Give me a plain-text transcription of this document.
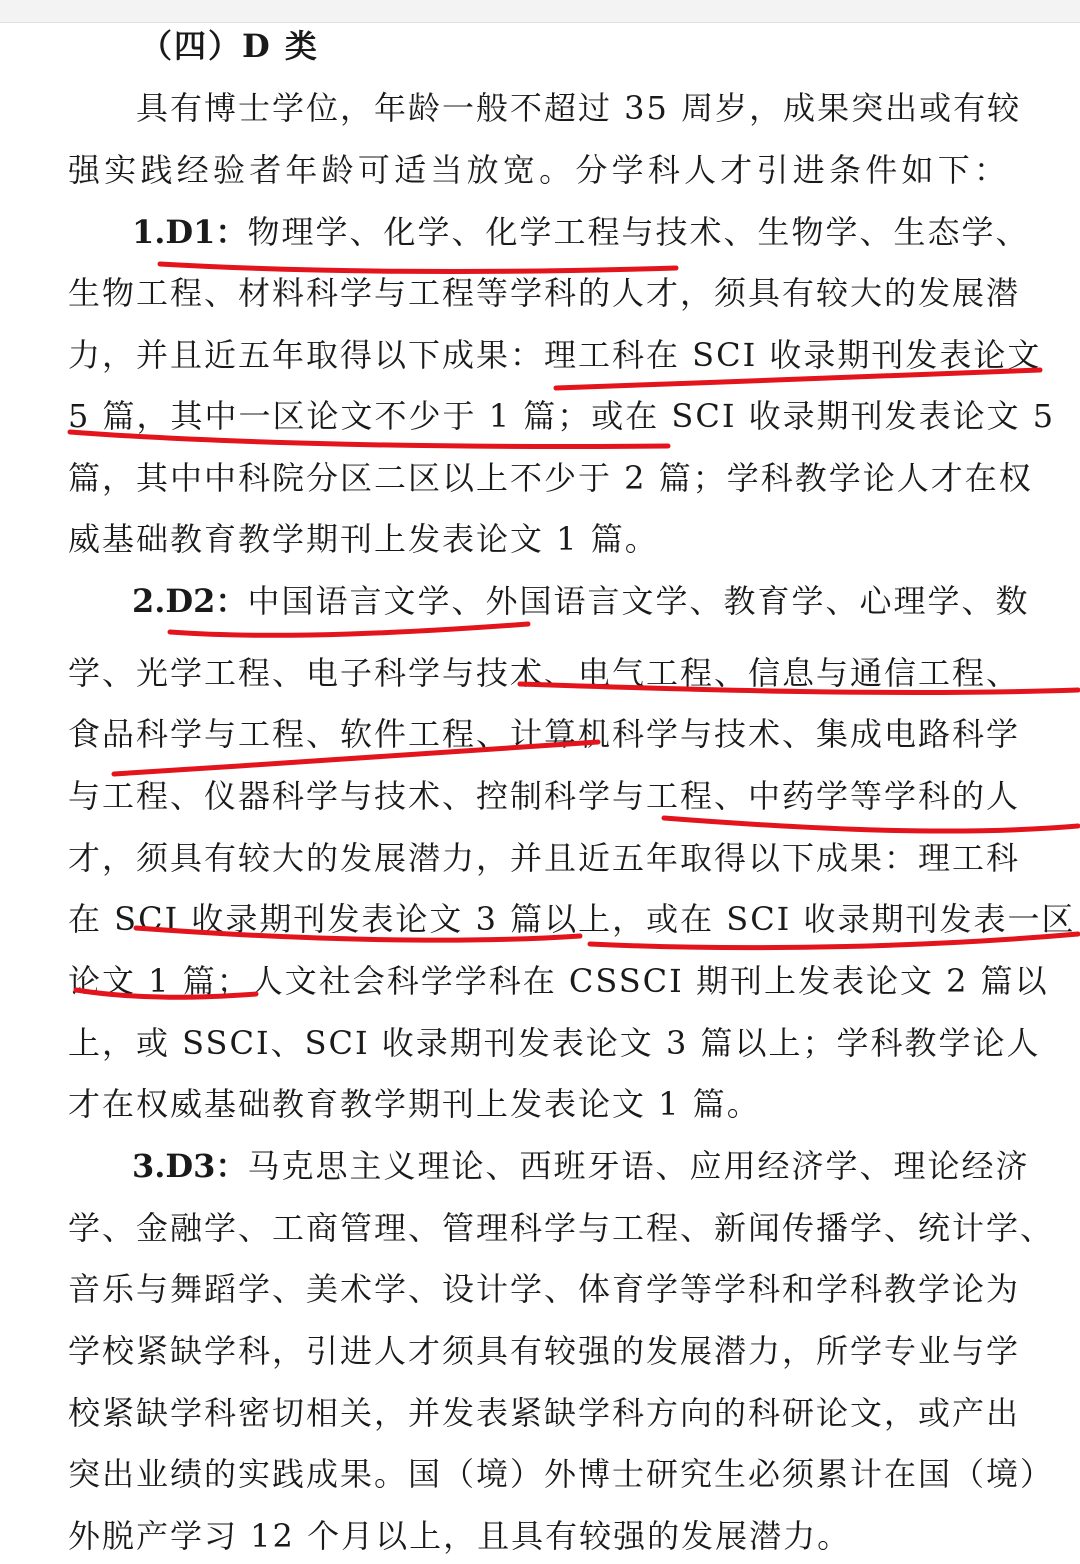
（四）D 类
具有博士学位，年龄一般不超过 35 周岁，成果突出或有较
强实践经验者年龄可适当放宽。分学科人才引进条件如下：
1.D1： 物理学、化学、化学工程与技术、生物学、生态学、
生物工程、材料科学与工程等学科的人才，须具有较大的发展潜
力，并且近五年取得以下成果：理工科在 SCI 收录期刊发表论文
5 篇，其中一区论文不少于 1 篇；或在 SCI 收录期刊发表论文 5
篇，其中中科院分区二区以上不少于 2 篇；学科教学论人才在权
威基础教育教学期刊上发表论文 1 篇。
2.D2： 中国语言文学、外国语言文学、教育学、心理学、数
学、光学工程、电子科学与技术、电气工程、信息与通信工程、
食品科学与工程、软件工程、计算机科学与技术、集成电路科学
与工程、仪器科学与技术、控制科学与工程、中药学等学科的人
才，须具有较大的发展潜力，并且近五年取得以下成果：理工科
在 SCI 收录期刊发表论文 3 篇以上，或在 SCI 收录期刊发表一区
论文 1 篇；人文社会科学学科在 CSSCI 期刊上发表论文 2 篇以
上，或 SSCI、SCI 收录期刊发表论文 3 篇以上；学科教学论人
才在权威基础教育教学期刊上发表论文 1 篇。
3.D3： 马克思主义理论、西班牙语、应用经济学、理论经济
学、金融学、工商管理、管理科学与工程、新闻传播学、统计学、
音乐与舞蹈学、美术学、设计学、体育学等学科和学科教学论为
学校紧缺学科，引进人才须具有较强的发展潜力，所学专业与学
校紧缺学科密切相关，并发表紧缺学科方向的科研论文，或产出
突出业绩的实践成果。国（境）外博士研究生必须累计在国（境）
外脱产学习 12 个月以上，且具有较强的发展潜力。
